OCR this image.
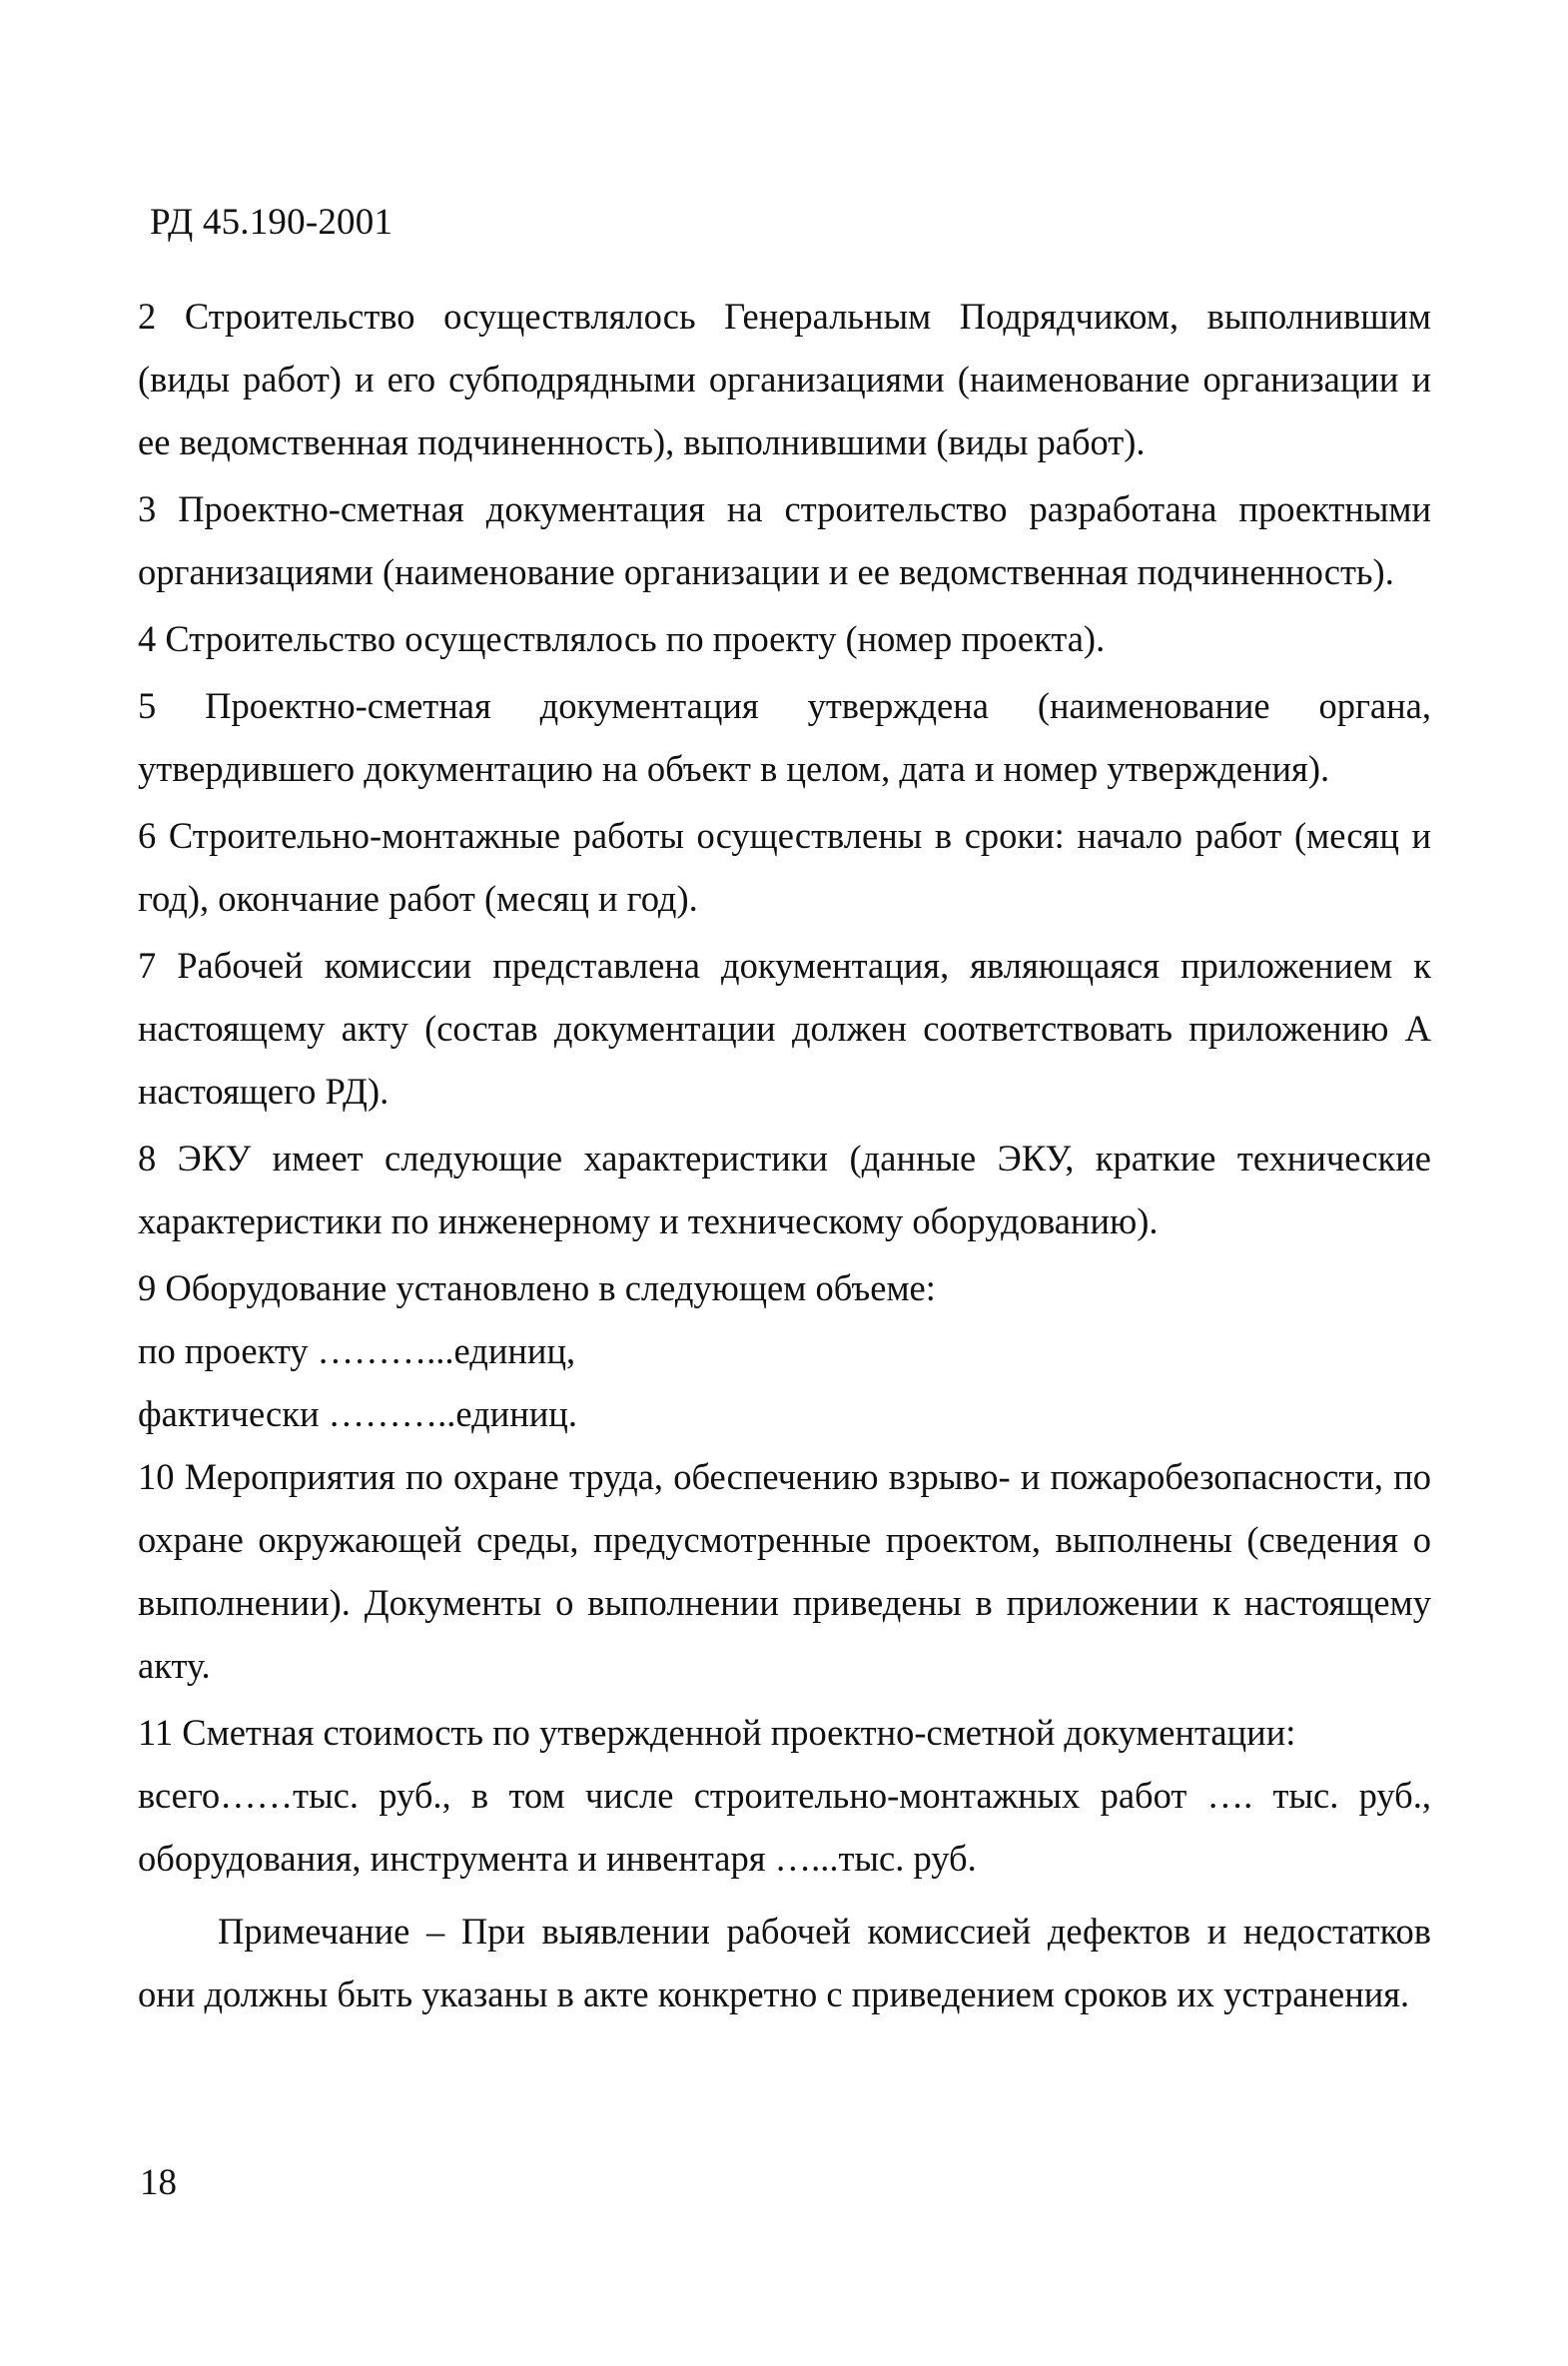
РД 45.190-2001

2 Строительство осуществлялось Генеральным Подрядчиком, выполнившим (виды работ) и его субподрядными организациями (наименование организации и ее ведомственная подчиненность), выполнившими (виды работ).

3 Проектно-сметная документация на строительство разработана проектными организациями (наименование организации и ее ведомственная подчиненность).

4 Строительство осуществлялось по проекту (номер проекта).

5 Проектно-сметная документация утверждена (наименование органа, утвердившего документацию на объект в целом, дата и номер утверждения).

6 Строительно-монтажные работы осуществлены в сроки: начало работ (месяц и год), окончание работ (месяц и год).

7 Рабочей комиссии представлена документация, являющаяся приложением к настоящему акту (состав документации должен соответствовать приложению А настоящего РД).

8 ЭКУ имеет следующие характеристики (данные ЭКУ, краткие технические характеристики по инженерному и техническому оборудованию).

9 Оборудование установлено в следующем объеме:

по проекту ………...единиц,

фактически ………..единиц.

10 Мероприятия по охране труда, обеспечению взрыво- и пожаробезопасности, по охране окружающей среды, предусмотренные проектом, выполнены (сведения о выполнении). Документы о выполнении приведены в приложении к настоящему акту.

11 Сметная стоимость по утвержденной проектно-сметной документации:

всего……тыс. руб., в том числе строительно-монтажных работ …. тыс. руб., оборудования, инструмента и инвентаря …...тыс. руб.

Примечание – При выявлении рабочей комиссией дефектов и недостатков они должны быть указаны в акте конкретно с приведением сроков их устранения.

18
